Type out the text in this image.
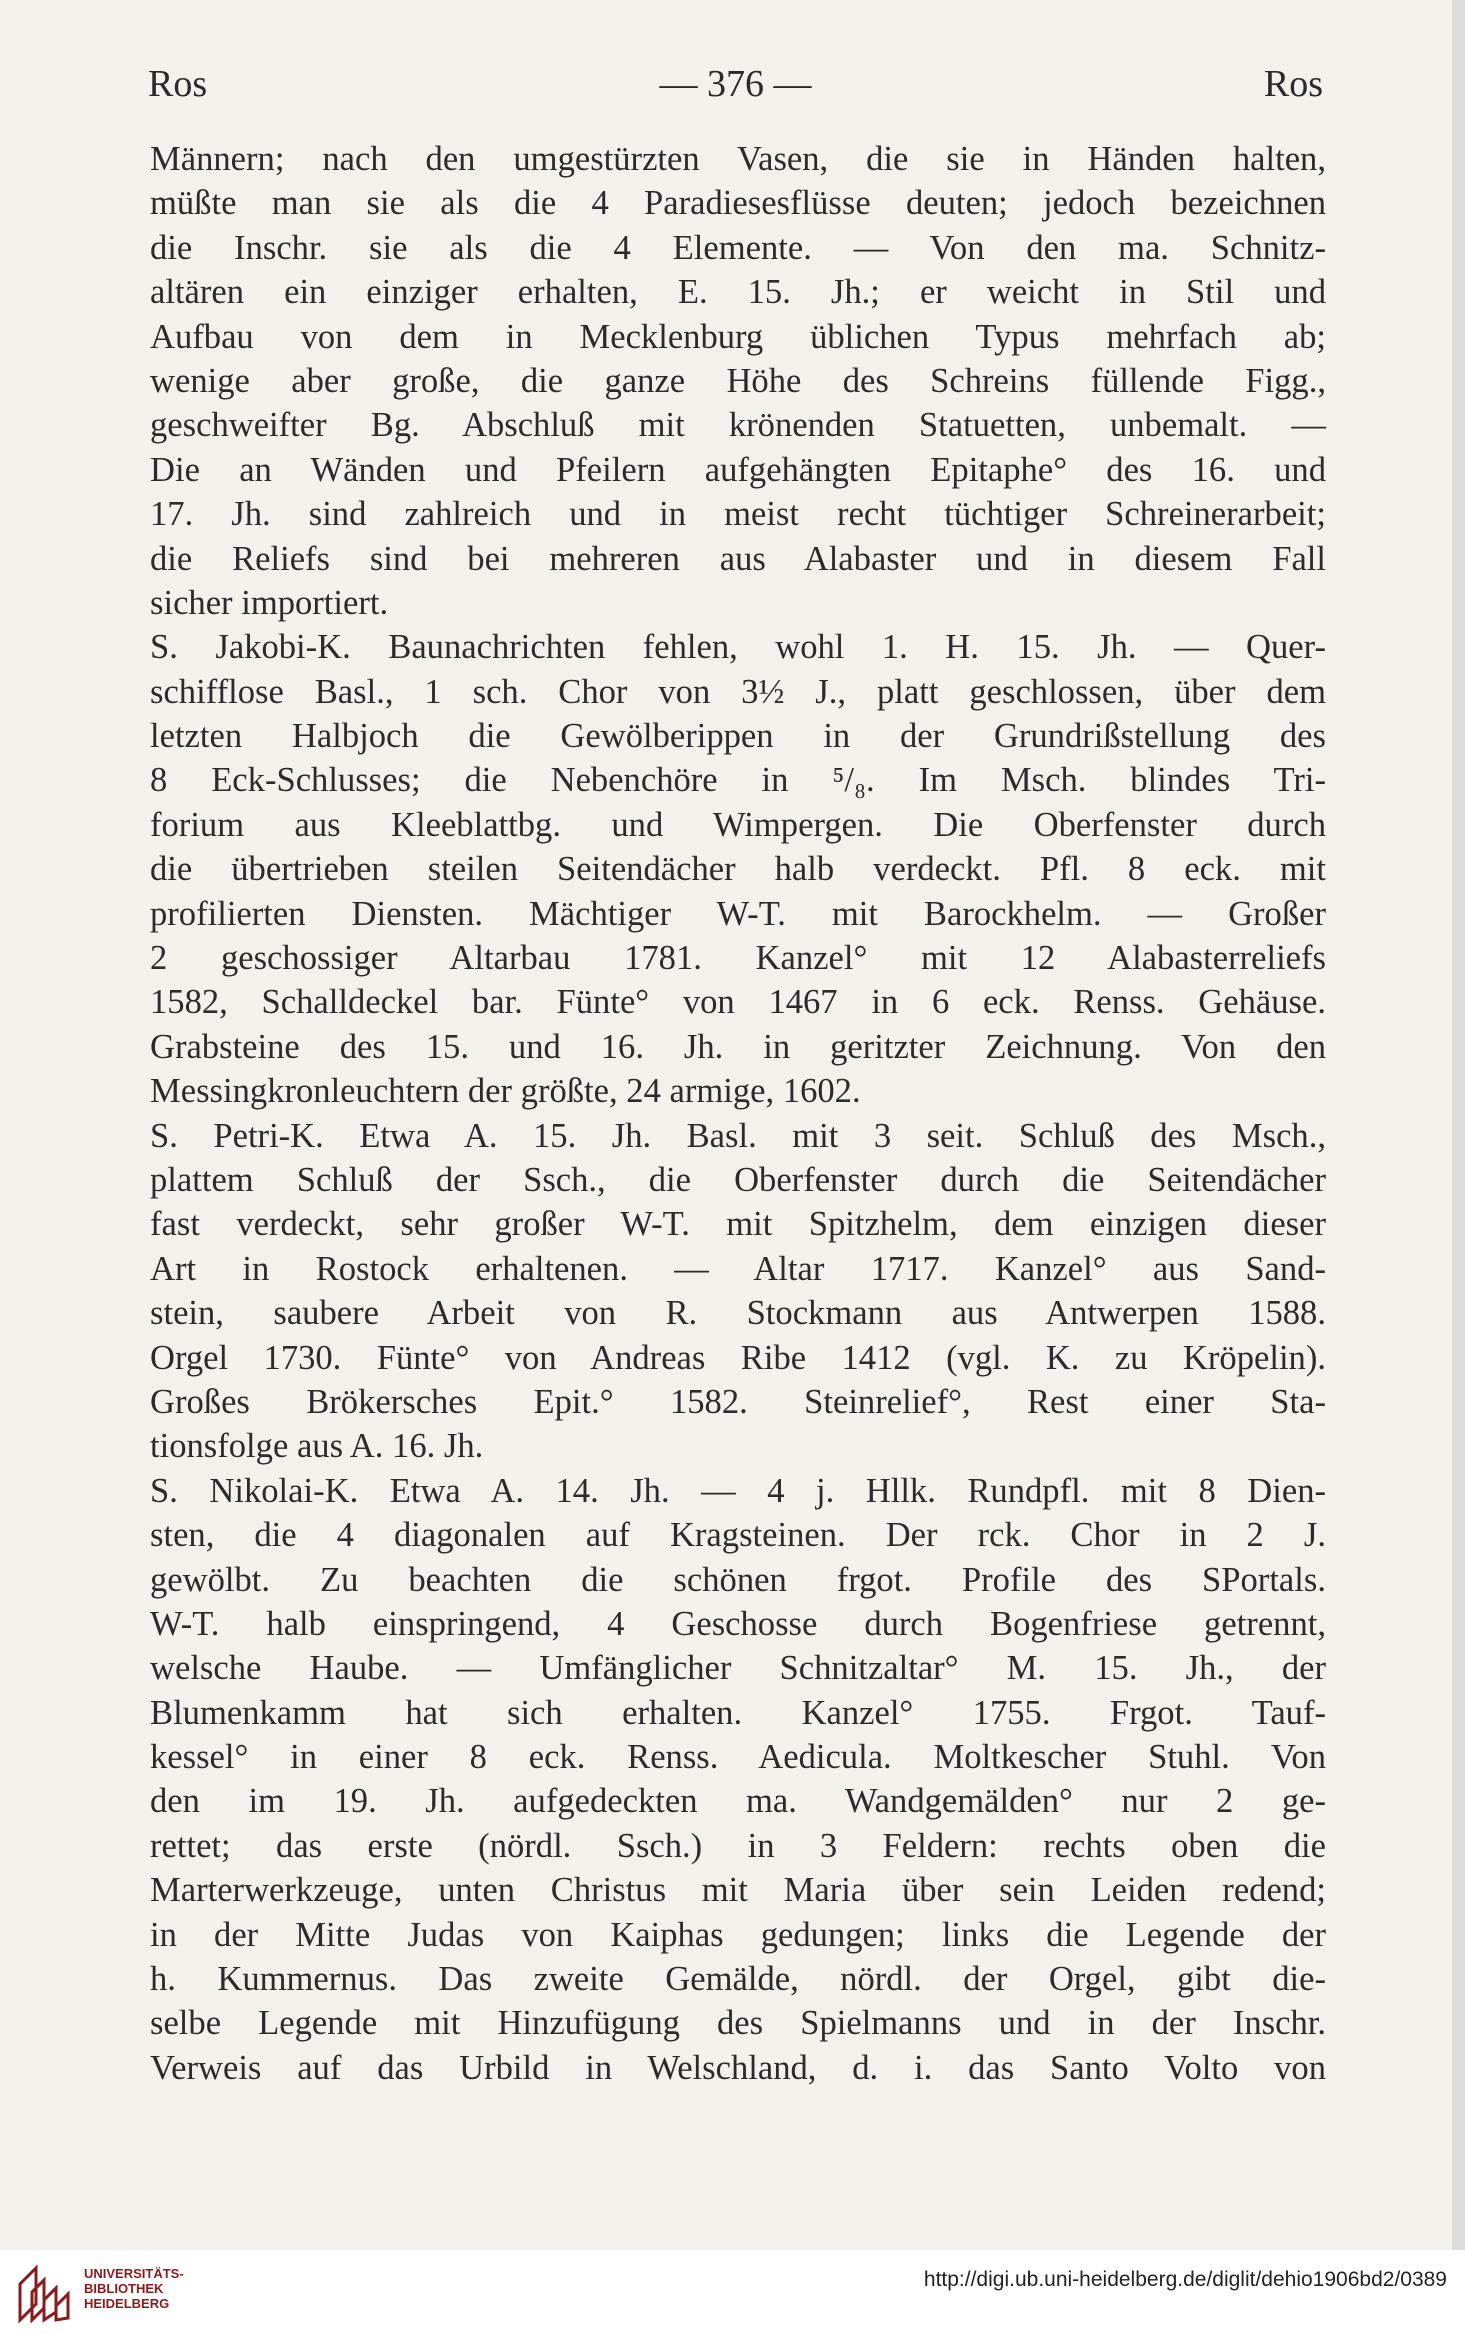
Ros	— 376 —	Ros
Männern; nach den umgestürzten Vasen, die sie in Händen halten,
müßte man sie als die 4 Paradiesesflüsse deuten; jedoch bezeichnen
die Inschr. sie als die 4 Elemente. — Von den ma. Schnitz-
altären ein einziger erhalten, E. 15. Jh.; er weicht in Stil und
Aufbau von dem in Mecklenburg üblichen Typus mehrfach ab;
wenige aber große, die ganze Höhe des Schreins füllende Figg.,
geschweifter Bg. Abschluß mit krönenden Statuetten, unbemalt. —
Die an Wänden und Pfeilern aufgehängten Epitaphe° des 16. und
17. Jh. sind zahlreich und in meist recht tüchtiger Schreinerarbeit;
die Reliefs sind bei mehreren aus Alabaster und in diesem Fall
sicher importiert.
S. Jakobi-K. Baunachrichten fehlen, wohl 1. H. 15. Jh. — Quer-
schifflose Basl., 1 sch. Chor von 3½ J., platt geschlossen, über dem
letzten Halbjoch die Gewölberippen in der Grundrißstellung des
8 Eck-Schlusses; die Nebenchöre in ⁵/₈. Im Msch. blindes Tri-
forium aus Kleeblattbg. und Wimpergen. Die Oberfenster durch
die übertrieben steilen Seitendächer halb verdeckt. Pfl. 8 eck. mit
profilierten Diensten. Mächtiger W-T. mit Barockhelm. — Großer
2 geschossiger Altarbau 1781. Kanzel° mit 12 Alabasterreliefs
1582, Schalldeckel bar. Fünte° von 1467 in 6 eck. Renss. Gehäuse.
Grabsteine des 15. und 16. Jh. in geritzter Zeichnung. Von den
Messingkronleuchtern der größte, 24 armige, 1602.
S. Petri-K. Etwa A. 15. Jh. Basl. mit 3 seit. Schluß des Msch.,
plattem Schluß der Ssch., die Oberfenster durch die Seitendächer
fast verdeckt, sehr großer W-T. mit Spitzhelm, dem einzigen dieser
Art in Rostock erhaltenen. — Altar 1717. Kanzel° aus Sand-
stein, saubere Arbeit von R. Stockmann aus Antwerpen 1588.
Orgel 1730. Fünte° von Andreas Ribe 1412 (vgl. K. zu Kröpelin).
Großes Brökersches Epit.° 1582. Steinrelief°, Rest einer Sta-
tionsfolge aus A. 16. Jh.
S. Nikolai-K. Etwa A. 14. Jh. — 4 j. Hllk. Rundpfl. mit 8 Dien-
sten, die 4 diagonalen auf Kragsteinen. Der rck. Chor in 2 J.
gewölbt. Zu beachten die schönen frgot. Profile des SPortals.
W-T. halb einspringend, 4 Geschosse durch Bogenfriese getrennt,
welsche Haube. — Umfänglicher Schnitzaltar° M. 15. Jh., der
Blumenkamm hat sich erhalten. Kanzel° 1755. Frgot. Tauf-
kessel° in einer 8 eck. Renss. Aedicula. Moltkescher Stuhl. Von
den im 19. Jh. aufgedeckten ma. Wandgemälden° nur 2 ge-
rettet; das erste (nördl. Ssch.) in 3 Feldern: rechts oben die
Marterwerkzeuge, unten Christus mit Maria über sein Leiden redend;
in der Mitte Judas von Kaiphas gedungen; links die Legende der
h. Kummernus. Das zweite Gemälde, nördl. der Orgel, gibt die-
selbe Legende mit Hinzufügung des Spielmanns und in der Inschr.
Verweis auf das Urbild in Welschland, d. i. das Santo Volto von
UNIVERSITÄTS-
BIBLIOTHEK
HEIDELBERG
http://digi.ub.uni-heidelberg.de/diglit/dehio1906bd2/0389
